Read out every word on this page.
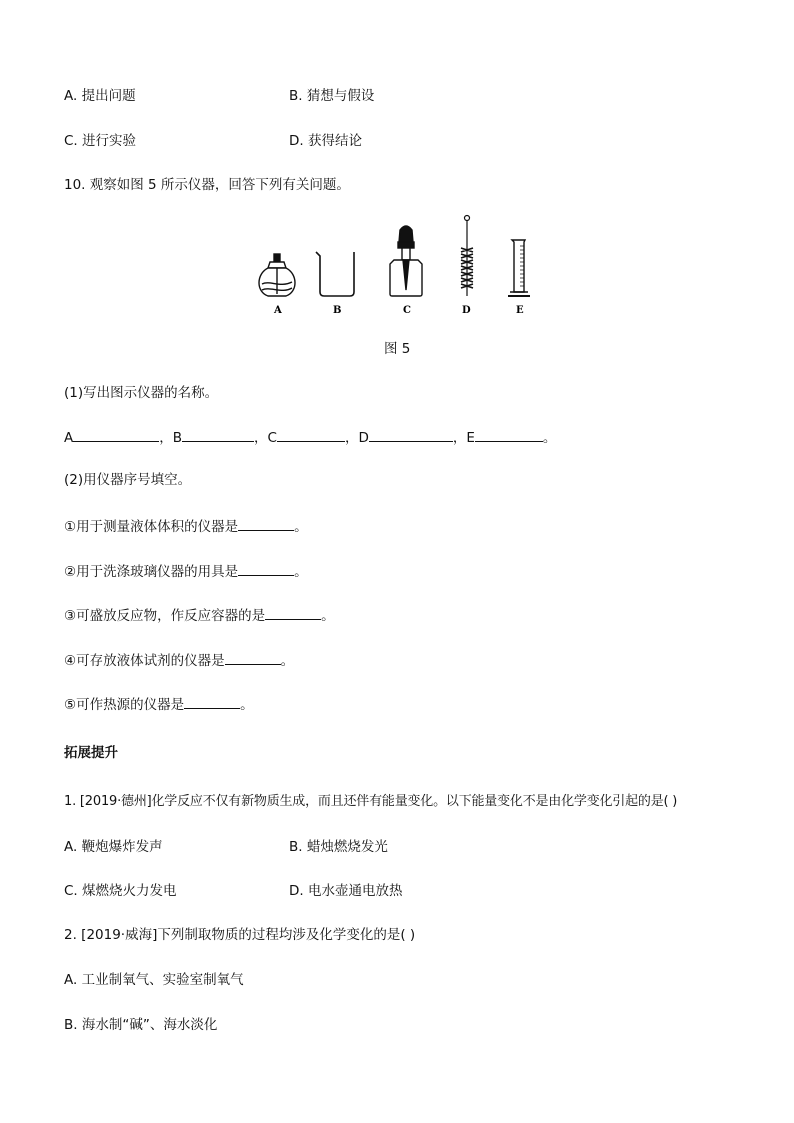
A. 提出问题	B. 猜想与假设
C. 进行实验	D. 获得结论
10. 观察如图 5 所示仪器，回答下列有关问题。
A	B	C	D	E
图 5
(1)写出图示仪器的名称。
A	，B	，C	，D	，E	。
(2)用仪器序号填空。
①用于测量液体体积的仪器是	。
②用于洗涤玻璃仪器的用具是	。
③可盛放反应物，作反应容器的是	。
④可存放液体试剂的仪器是	。
⑤可作热源的仪器是	。
拓展提升
1. [2019·德州]化学反应不仅有新物质生成，而且还伴有能量变化。以下能量变化不是由化学变化引起的是( )
A. 鞭炮爆炸发声	B. 蜡烛燃烧发光
C. 煤燃烧火力发电	D. 电水壶通电放热
2. [2019·威海]下列制取物质的过程均涉及化学变化的是( )
A. 工业制氧气、实验室制氧气
B. 海水制“碱”、海水淡化
